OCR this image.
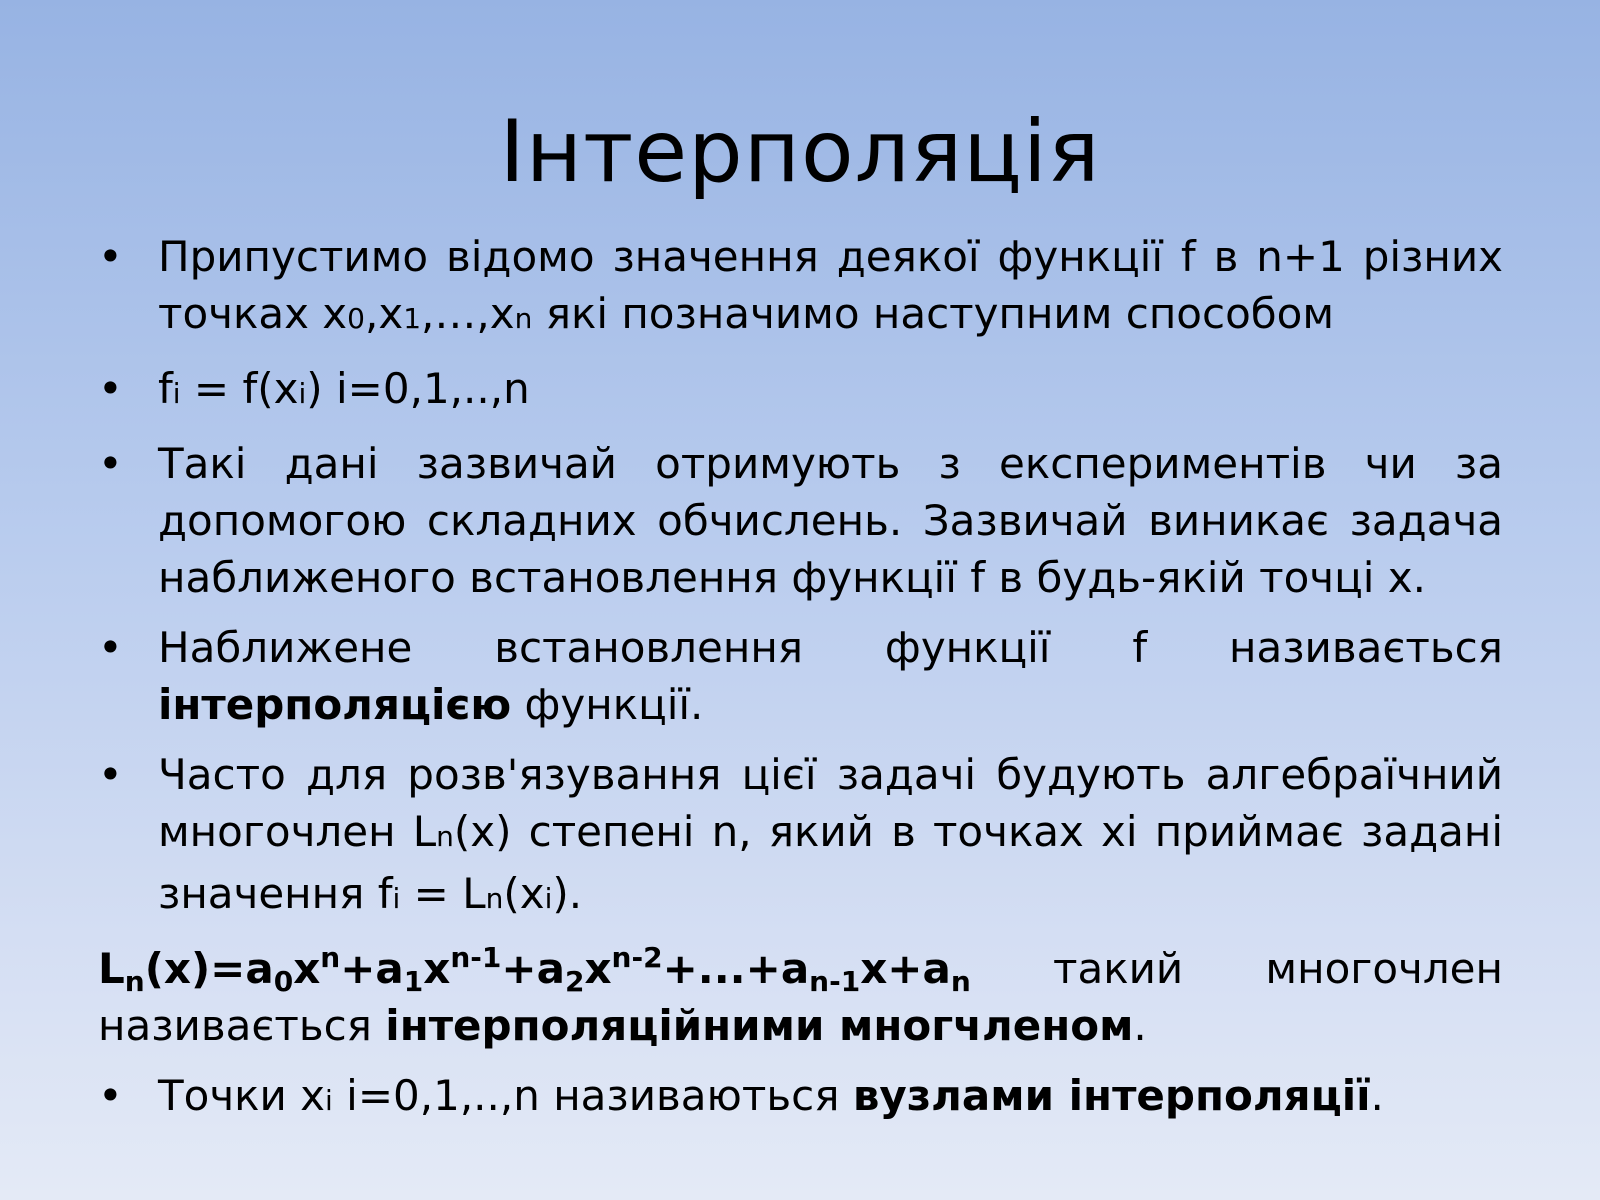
Інтерполяція
• Припустимо відомо значення деякої функції f в n+1 різних точках x0,x1,…,xn які позначимо наступним способом
• fi = f(xi) i=0,1,..,n
• Такі дані зазвичай отримують з експериментів чи за допомогою складних обчислень. Зазвичай виникає задача наближеного встановлення функції f в будь-якій точці x.
• Наближене встановлення функції f називається
інтерполяцією функції.
• Часто для розв'язування цієї задачі будують алгебраїчний многочлен Ln(x) степені n, який в точках xi приймає задані значення fi = Ln(xi).
$L_n(x)=a_0x^n+a_1x^{n-1}+a_2x^{n-2}+...+a_{n-1}x+a_n$ такий многочлен
називається інтерполяційними многчленом.
• Точки xi i=0,1,..,n називаються вузлами інтерполяції.
